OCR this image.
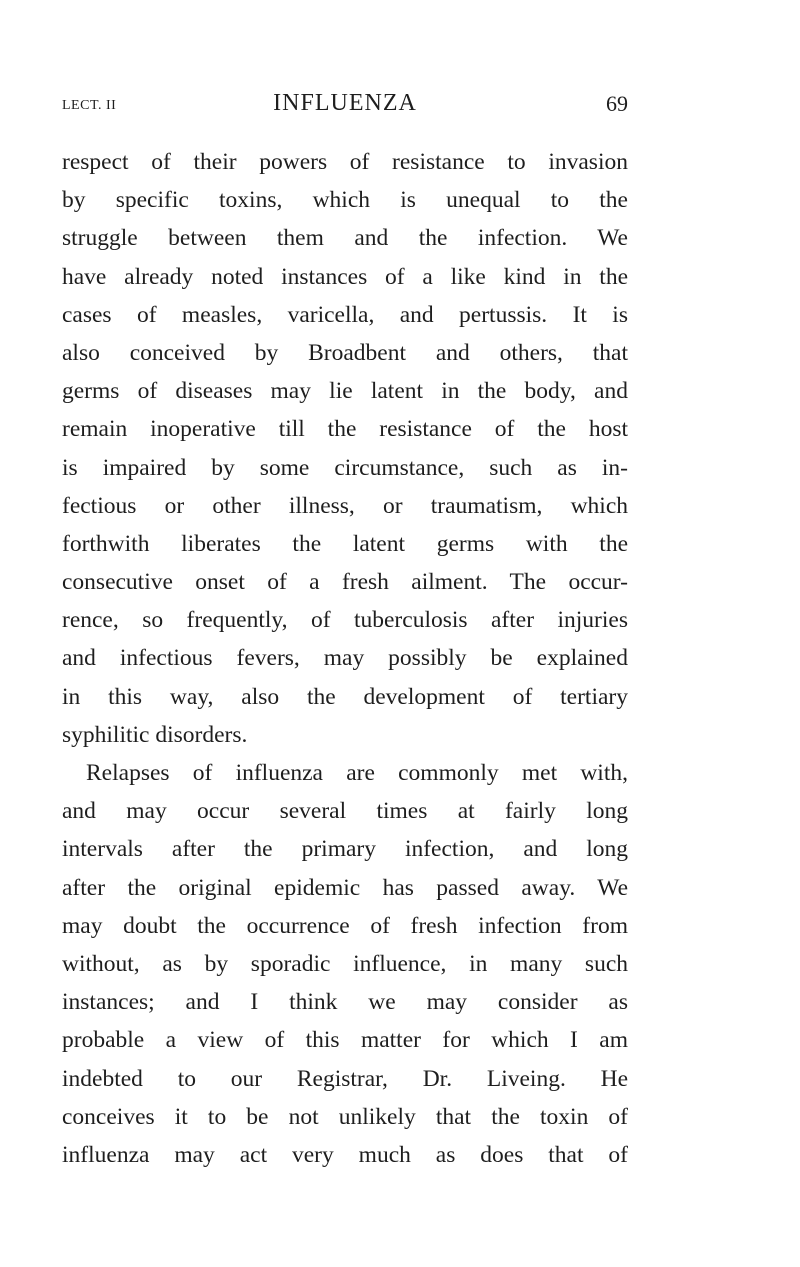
LECT. II	INFLUENZA	69
respect of their powers of resistance to invasion
by specific toxins, which is unequal to the
struggle between them and the infection. We
have already noted instances of a like kind in the
cases of measles, varicella, and pertussis. It is
also conceived by Broadbent and others, that
germs of diseases may lie latent in the body, and
remain inoperative till the resistance of the host
is impaired by some circumstance, such as in-
fectious or other illness, or traumatism, which
forthwith liberates the latent germs with the
consecutive onset of a fresh ailment. The occur-
rence, so frequently, of tuberculosis after injuries
and infectious fevers, may possibly be explained
in this way, also the development of tertiary
syphilitic disorders.
Relapses of influenza are commonly met with,
and may occur several times at fairly long
intervals after the primary infection, and long
after the original epidemic has passed away. We
may doubt the occurrence of fresh infection from
without, as by sporadic influence, in many such
instances; and I think we may consider as
probable a view of this matter for which I am
indebted to our Registrar, Dr. Liveing. He
conceives it to be not unlikely that the toxin of
influenza may act very much as does that of
